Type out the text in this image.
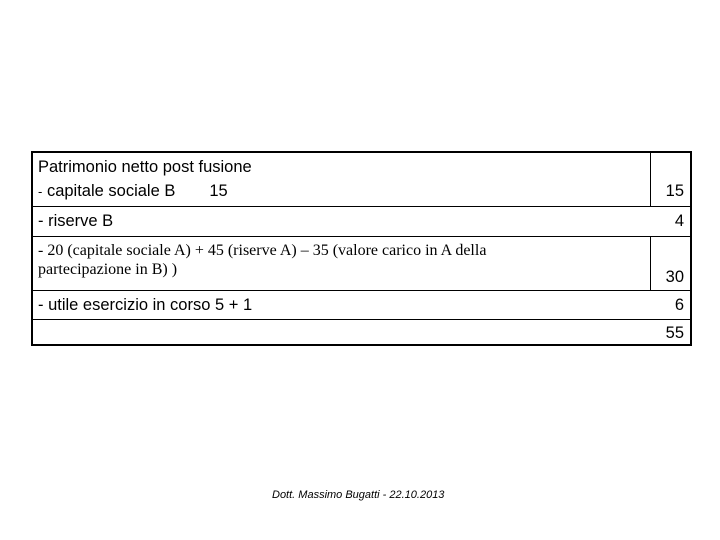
Patrimonio netto post fusione
- capitale sociale B 15	15
- riserve B	4
- 20 (capitale sociale A) + 45 (riserve A) – 35 (valore carico in A della
partecipazione in B) )	30
- utile esercizio in corso 5 + 1	6
55
Dott. Massimo Bugatti - 22.10.2013
